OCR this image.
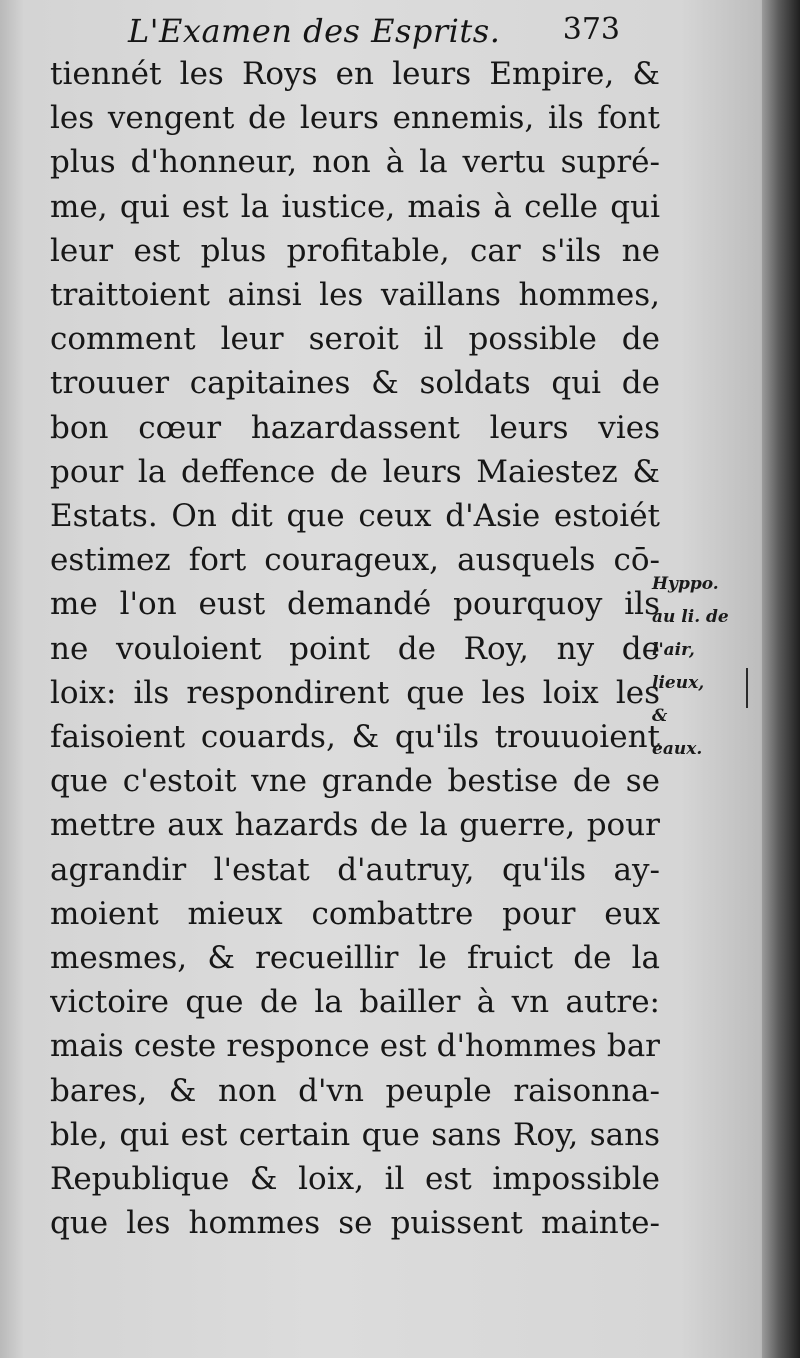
L'Examen des Esprits. 373
tiennét les Roys en leurs Empire, &
les vengent de leurs ennemis, ils font
plus d'honneur, non à la vertu supré-
me, qui est la iustice, mais à celle qui
leur est plus profitable, car s'ils ne
traittoient ainsi les vaillans hommes,
comment leur seroit il possible de
trouuer capitaines & soldats qui de
bon cœur hazardassent leurs vies
pour la deffence de leurs Maiestez &
Estats. On dit que ceux d'Asie estoiét
estimez fort courageux, ausquels cō-
me l'on eust demandé pourquoy ils
ne vouloient point de Roy, ny de
loix: ils respondirent que les loix les
faisoient couards, & qu'ils trouuoient
que c'estoit vne grande bestise de se
mettre aux hazards de la guerre, pour
agrandir l'estat d'autruy, qu'ils ay-
moient mieux combattre pour eux
mesmes, & recueillir le fruict de la
victoire que de la bailler à vn autre:
mais ceste responce est d'hommes bar
bares, & non d'vn peuple raisonna-
ble, qui est certain que sans Roy, sans
Republique & loix, il est impossible
que les hommes se puissent mainte-
Hyppo.
au li. de
l'air,
lieux,
&
eaux.
